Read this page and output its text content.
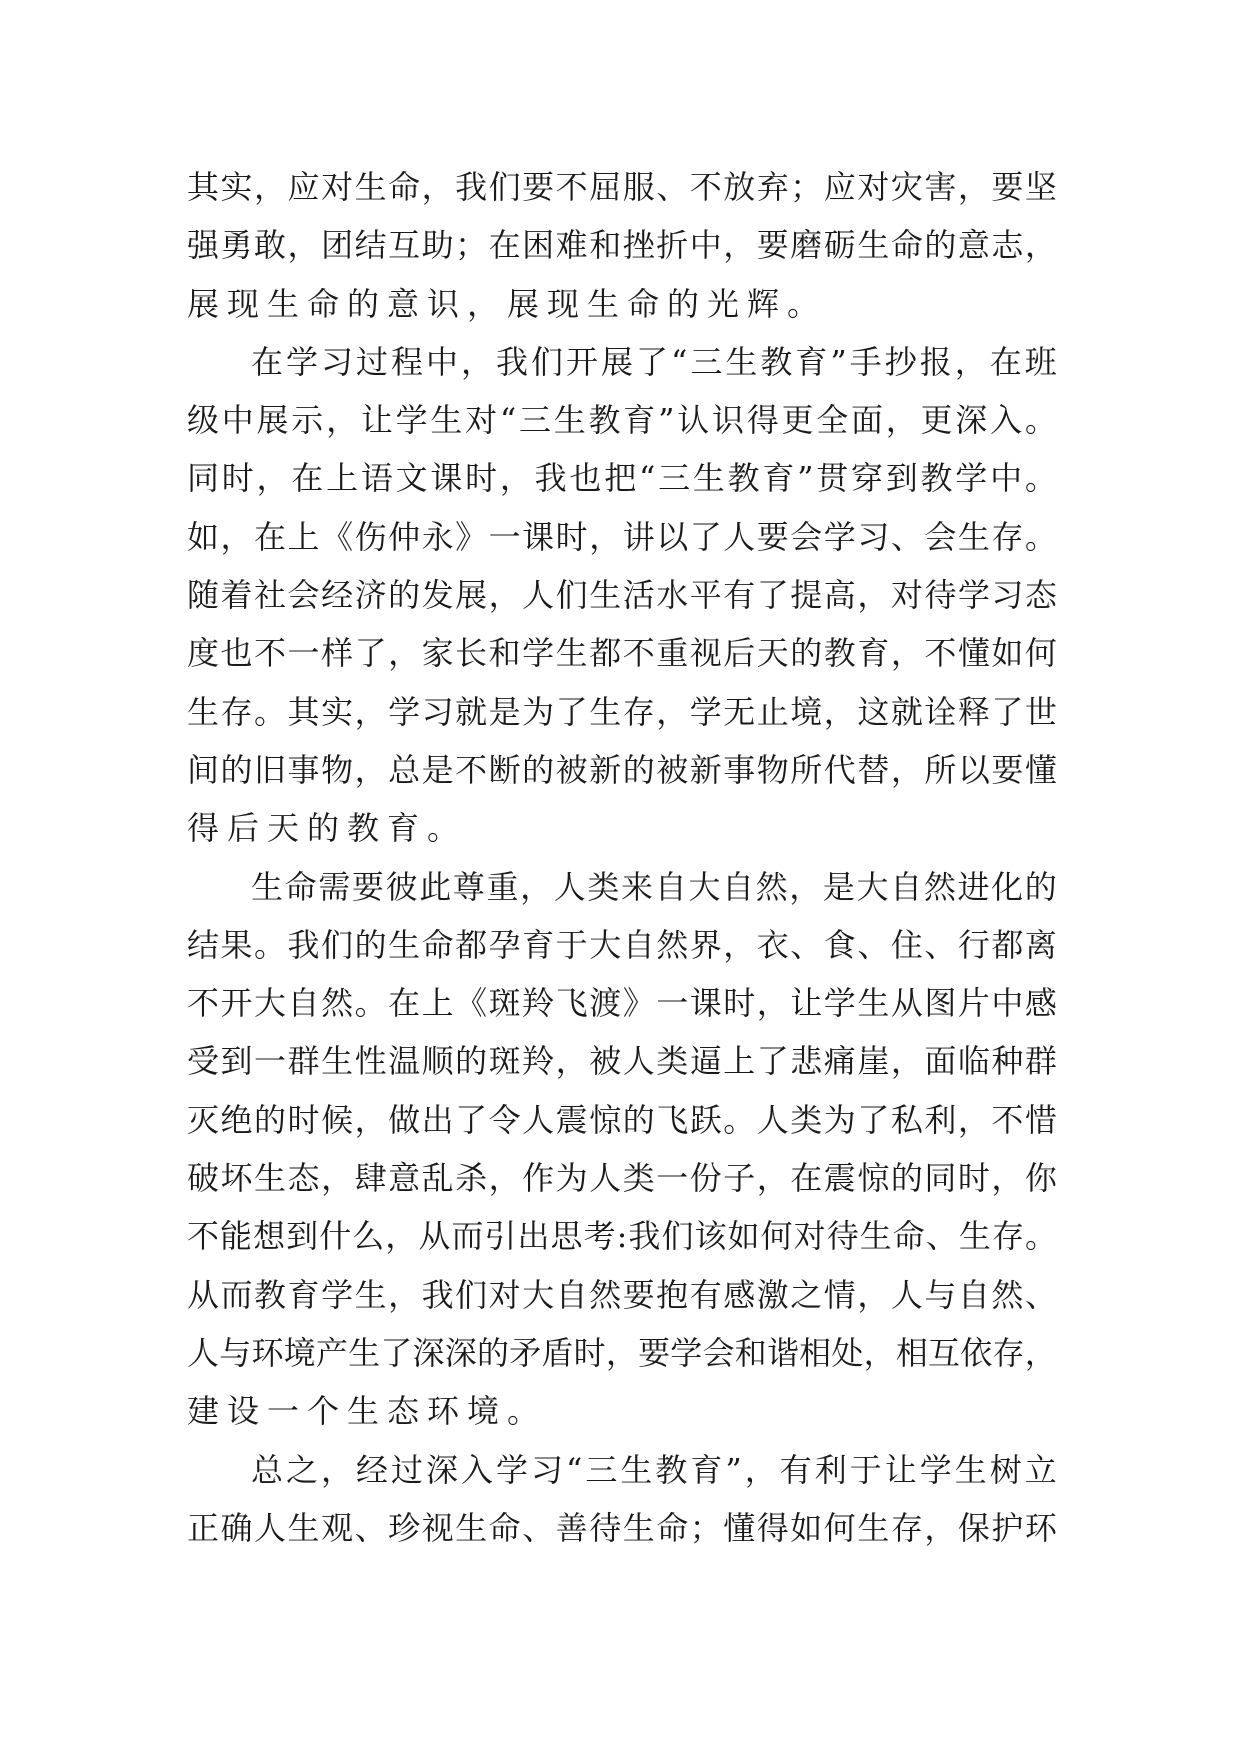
其 实 ， 应 对 生 命 ， 我 们 要 不 屈 服 、 不 放 弃 ； 应 对 灾 害 ， 要 坚
强 勇 敢 ， 团 结 互 助 ； 在 困 难 和 挫 折 中 ， 要 磨 砺 生 命 的 意 志 ，
展现生命的意识，展现生命的光辉。
在 学 习 过 程 中 ， 我 们 开 展 了 “ 三 生 教 育 ” 手 抄 报 ， 在 班
级 中 展 示 ， 让 学 生 对 “ 三 生 教 育 ” 认 识 得 更 全 面 ， 更 深 入 。
同 时 ， 在 上 语 文 课 时 ， 我 也 把 “ 三 生 教 育 ” 贯 穿 到 教 学 中 。
如 ， 在 上 《 伤 仲 永 》 一 课 时 ， 讲 以 了 人 要 会 学 习 、 会 生 存 。
随 着 社 会 经 济 的 发 展 ， 人 们 生 活 水 平 有 了 提 高 ， 对 待 学 习 态
度 也 不 一 样 了 ， 家 长 和 学 生 都 不 重 视 后 天 的 教 育 ， 不 懂 如 何
生 存 。 其 实 ， 学 习 就 是 为 了 生 存 ， 学 无 止 境 ， 这 就 诠 释 了 世
间 的 旧 事 物 ， 总 是 不 断 的 被 新 的 被 新 事 物 所 代 替 ， 所 以 要 懂
得后天的教育。
生 命 需 要 彼 此 尊 重 ， 人 类 来 自 大 自 然 ， 是 大 自 然 进 化 的
结 果 。 我 们 的 生 命 都 孕 育 于 大 自 然 界 ， 衣 、 食 、 住 、 行 都 离
不 开 大 自 然 。 在 上 《 斑 羚 飞 渡 》 一 课 时 ， 让 学 生 从 图 片 中 感
受 到 一 群 生 性 温 顺 的 斑 羚 ， 被 人 类 逼 上 了 悲 痛 崖 ， 面 临 种 群
灭 绝 的 时 候 ， 做 出 了 令 人 震 惊 的 飞 跃 。 人 类 为 了 私 利 ， 不 惜
破 坏 生 态 ， 肆 意 乱 杀 ， 作 为 人 类 一 份 子 ， 在 震 惊 的 同 时 ， 你
不 能 想 到 什 么 ， 从 而 引 出 思 考 : 我 们 该 如 何 对 待 生 命 、 生 存 。
从 而 教 育 学 生 ， 我 们 对 大 自 然 要 抱 有 感 激 之 情 ， 人 与 自 然 、
人 与 环 境 产 生 了 深 深 的 矛 盾 时 ， 要 学 会 和 谐 相 处 ， 相 互 依 存 ，
建设一个生态环境。
总 之 ， 经 过 深 入 学 习 “ 三 生 教 育 ” ， 有 利 于 让 学 生 树 立
正 确 人 生 观 、 珍 视 生 命 、 善 待 生 命 ； 懂 得 如 何 生 存 ， 保 护 环
